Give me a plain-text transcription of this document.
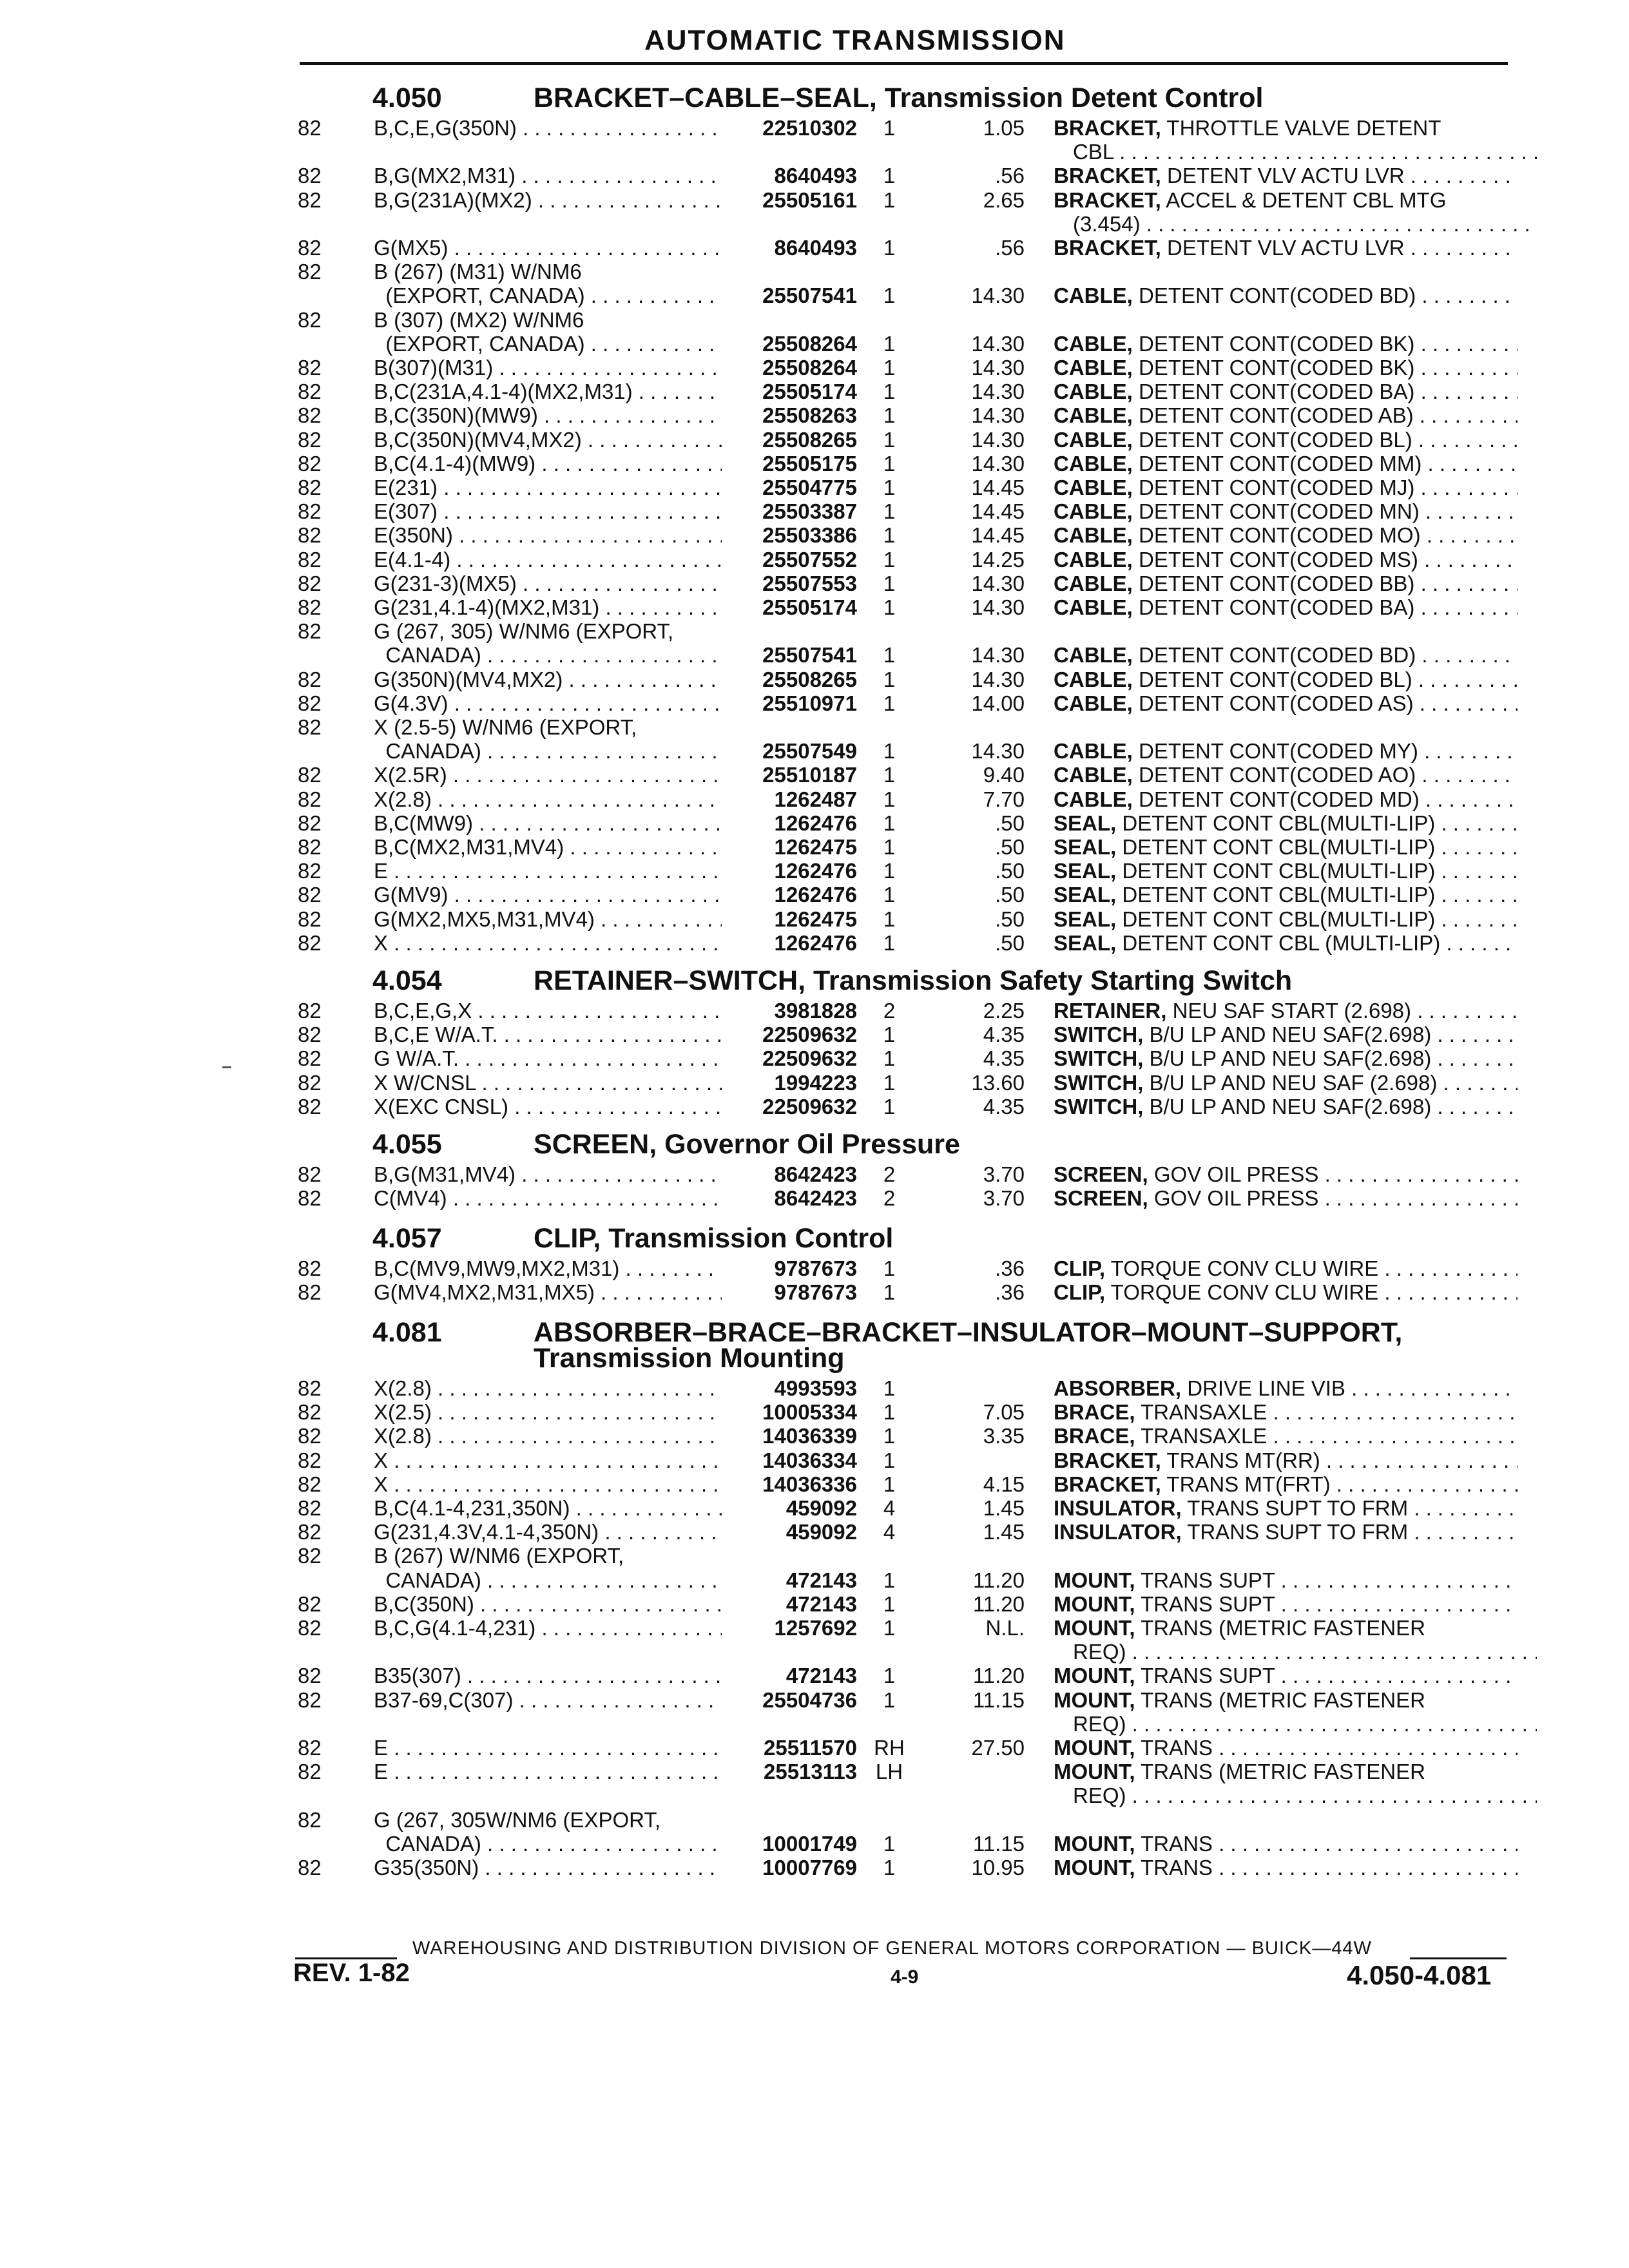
AUTOMATIC TRANSMISSION
4.050	BRACKET–CABLE–SEAL, Transmission Detent Control
82 B,C,E,G(350N) . . .	22510302	1	1.05 BRACKET, THROTTLE VALVE DETENT
CBL . . .
82 B,G(MX2,M31) . . .	8640493	1	.56 BRACKET, DETENT VLV ACTU LVR . . .
82 B,G(231A)(MX2) . . .	25505161	1	2.65 BRACKET, ACCEL & DETENT CBL MTG
(3.454) . . .
82 G(MX5) . . .	8640493	1	.56 BRACKET, DETENT VLV ACTU LVR . . .
82 B (267) (M31) W/NM6
(EXPORT, CANADA) . . .	25507541	1	14.30 CABLE, DETENT CONT(CODED BD) . . .
82 B (307) (MX2) W/NM6
(EXPORT, CANADA) . . .	25508264	1	14.30 CABLE, DETENT CONT(CODED BK) . . .
82 B(307)(M31) . . .	25508264	1	14.30 CABLE, DETENT CONT(CODED BK) . . .
82 B,C(231A,4.1-4)(MX2,M31) . . .	25505174	1	14.30 CABLE, DETENT CONT(CODED BA) . . .
82 B,C(350N)(MW9) . . .	25508263	1	14.30 CABLE, DETENT CONT(CODED AB) . . .
82 B,C(350N)(MV4,MX2) . . .	25508265	1	14.30 CABLE, DETENT CONT(CODED BL) . . .
82 B,C(4.1-4)(MW9) . . .	25505175	1	14.30 CABLE, DETENT CONT(CODED MM) . . .
82 E(231) . . .	25504775	1	14.45 CABLE, DETENT CONT(CODED MJ) . . .
82 E(307) . . .	25503387	1	14.45 CABLE, DETENT CONT(CODED MN) . . .
82 E(350N) . . .	25503386	1	14.45 CABLE, DETENT CONT(CODED MO) . . .
82 E(4.1-4) . . .	25507552	1	14.25 CABLE, DETENT CONT(CODED MS) . . .
82 G(231-3)(MX5) . . .	25507553	1	14.30 CABLE, DETENT CONT(CODED BB) . . .
82 G(231,4.1-4)(MX2,M31) . . .	25505174	1	14.30 CABLE, DETENT CONT(CODED BA) . . .
82 G (267, 305) W/NM6 (EXPORT,
CANADA) . . .	25507541	1	14.30 CABLE, DETENT CONT(CODED BD) . . .
82 G(350N)(MV4,MX2) . . .	25508265	1	14.30 CABLE, DETENT CONT(CODED BL) . . .
82 G(4.3V) . . .	25510971	1	14.00 CABLE, DETENT CONT(CODED AS) . . .
82 X (2.5-5) W/NM6 (EXPORT,
CANADA) . . .	25507549	1	14.30 CABLE, DETENT CONT(CODED MY) . . .
82 X(2.5R) . . .	25510187	1	9.40 CABLE, DETENT CONT(CODED AO) . . .
82 X(2.8) . . .	1262487	1	7.70 CABLE, DETENT CONT(CODED MD) . . .
82 B,C(MW9) . . .	1262476	1	.50 SEAL, DETENT CONT CBL(MULTI-LIP) . . .
82 B,C(MX2,M31,MV4) . . .	1262475	1	.50 SEAL, DETENT CONT CBL(MULTI-LIP) . . .
82 E . . .	1262476	1	.50 SEAL, DETENT CONT CBL(MULTI-LIP) . . .
82 G(MV9) . . .	1262476	1	.50 SEAL, DETENT CONT CBL(MULTI-LIP) . . .
82 G(MX2,MX5,M31,MV4) . . .	1262475	1	.50 SEAL, DETENT CONT CBL(MULTI-LIP) . . .
82 X . . .	1262476	1	.50 SEAL, DETENT CONT CBL (MULTI-LIP) . . .
4.054	RETAINER–SWITCH, Transmission Safety Starting Switch
82 B,C,E,G,X . . .	3981828	2	2.25 RETAINER, NEU SAF START (2.698) . . .
82 B,C,E W/A.T. . . .	22509632	1	4.35 SWITCH, B/U LP AND NEU SAF(2.698) . . .
82 G W/A.T. . . .	22509632	1	4.35 SWITCH, B/U LP AND NEU SAF(2.698) . . .
82 X W/CNSL . . .	1994223	1	13.60 SWITCH, B/U LP AND NEU SAF (2.698) . . .
82 X(EXC CNSL) . . .	22509632	1	4.35 SWITCH, B/U LP AND NEU SAF(2.698) . . .
4.055	SCREEN, Governor Oil Pressure
82 B,G(M31,MV4) . . .	8642423	2	3.70 SCREEN, GOV OIL PRESS . . .
82 C(MV4) . . .	8642423	2	3.70 SCREEN, GOV OIL PRESS . . .
4.057	CLIP, Transmission Control
82 B,C(MV9,MW9,MX2,M31) . . .	9787673	1	.36 CLIP, TORQUE CONV CLU WIRE . . .
82 G(MV4,MX2,M31,MX5) . . .	9787673	1	.36 CLIP, TORQUE CONV CLU WIRE . . .
4.081	ABSORBER–BRACE–BRACKET–INSULATOR–MOUNT–SUPPORT,
Transmission Mounting
82 X(2.8) . . .	4993593	1	ABSORBER, DRIVE LINE VIB . . .
82 X(2.5) . . .	10005334	1	7.05 BRACE, TRANSAXLE . . .
82 X(2.8) . . .	14036339	1	3.35 BRACE, TRANSAXLE . . .
82 X . . .	14036334	1	BRACKET, TRANS MT(RR) . . .
82 X . . .	14036336	1	4.15 BRACKET, TRANS MT(FRT) . . .
82 B,C(4.1-4,231,350N) . . .	459092	4	1.45 INSULATOR, TRANS SUPT TO FRM . . .
82 G(231,4.3V,4.1-4,350N) . . .	459092	4	1.45 INSULATOR, TRANS SUPT TO FRM . . .
82 B (267) W/NM6 (EXPORT,
CANADA) . . .	472143	1	11.20 MOUNT, TRANS SUPT . . .
82 B,C(350N) . . .	472143	1	11.20 MOUNT, TRANS SUPT . . .
82 B,C,G(4.1-4,231) . . .	1257692	1	N.L. MOUNT, TRANS (METRIC FASTENER
REQ) . . .
82 B35(307) . . .	472143	1	11.20 MOUNT, TRANS SUPT . . .
82 B37-69,C(307) . . .	25504736	1	11.15 MOUNT, TRANS (METRIC FASTENER
REQ) . . .
82 E . . .	25511570 RH	27.50 MOUNT, TRANS . . .
82 E . . .	25513113 LH	MOUNT, TRANS (METRIC FASTENER
REQ) . . .
82 G (267, 305W/NM6 (EXPORT,
CANADA) . . .	10001749	1	11.15 MOUNT, TRANS . . .
82 G35(350N) . . .	10007769	1	10.95 MOUNT, TRANS . . .
WAREHOUSING AND DISTRIBUTION DIVISION OF GENERAL MOTORS CORPORATION — BUICK—44W
REV. 1-82	4-9	4.050-4.081
